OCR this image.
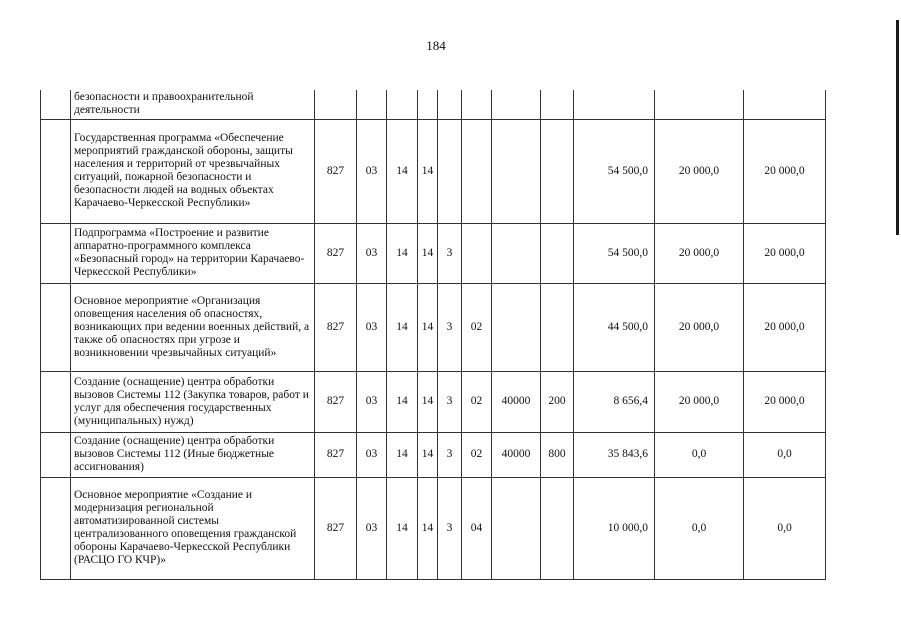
184
	безопасности и правоохранительной деятельности											
	Государственная программа «Обеспечение мероприятий гражданской обороны, защиты населения и территорий от чрезвычайных ситуаций, пожарной безопасности и безопасности людей на водных объектах Карачаево-Черкесской Республики»	827	03	14	14					54 500,0	20 000,0	20 000,0
	Подпрограмма «Построение и развитие аппаратно-программного комплекса «Безопасный город» на территории Карачаево-Черкесской Республики»	827	03	14	14	3				54 500,0	20 000,0	20 000,0
	Основное мероприятие «Организация оповещения населения об опасностях, возникающих при ведении военных действий, а также об опасностях при угрозе и возникновении чрезвычайных ситуаций»	827	03	14	14	3	02			44 500,0	20 000,0	20 000,0
	Создание (оснащение) центра обработки вызовов Системы 112 (Закупка товаров, работ и услуг для обеспечения государственных (муниципальных) нужд)	827	03	14	14	3	02	40000	200	8 656,4	20 000,0	20 000,0
	Создание (оснащение) центра обработки вызовов Системы 112 (Иные бюджетные ассигнования)	827	03	14	14	3	02	40000	800	35 843,6	0,0	0,0
	Основное мероприятие «Создание и модернизация региональной автоматизированной системы централизованного оповещения гражданской обороны Карачаево-Черкесской Республики (РАСЦО ГО КЧР)»	827	03	14	14	3	04			10 000,0	0,0	0,0
